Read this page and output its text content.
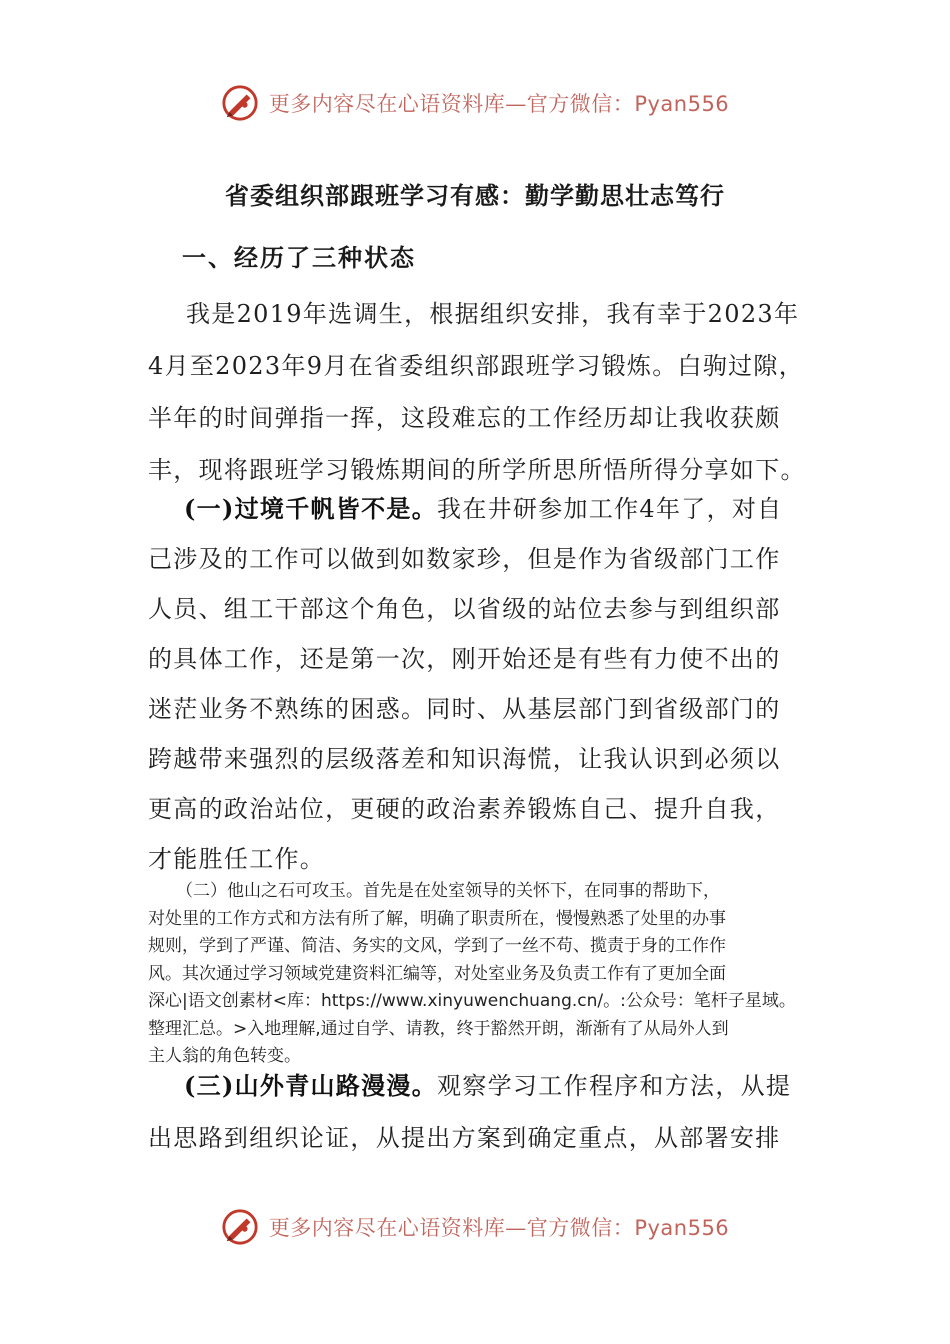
更多内容尽在心语资料库—官方微信：Pyan556
省委组织部跟班学习有感：勤学勤思壮志笃行
一、经历了三种状态
我是2019年选调生，根据组织安排，我有幸于2023年
4月至2023年9月在省委组织部跟班学习锻炼。白驹过隙，
半年的时间弹指一挥，这段难忘的工作经历却让我收获颇
丰，现将跟班学习锻炼期间的所学所思所悟所得分享如下。
(一)过境千帆皆不是。我在井研参加工作4年了，对自
己涉及的工作可以做到如数家珍，但是作为省级部门工作
人员、组工干部这个角色，以省级的站位去参与到组织部
的具体工作，还是第一次，刚开始还是有些有力使不出的
迷茫业务不熟练的困惑。同时、从基层部门到省级部门的
跨越带来强烈的层级落差和知识海慌，让我认识到必须以
更高的政治站位，更硬的政治素养锻炼自己、提升自我，
才能胜任工作。
（二）他山之石可攻玉。首先是在处室领导的关怀下，在同事的帮助下，
对处里的工作方式和方法有所了解，明确了职责所在，慢慢熟悉了处里的办事
规则，学到了严谨、简洁、务实的文风，学到了一丝不苟、揽责于身的工作作
风。其次通过学习领域党建资料汇编等，对处室业务及负责工作有了更加全面
深心|语文创素材<库：https://www.xinyuwenchuang.cn/。:公众号：笔杆子星域。
整理汇总。>入地理解,通过自学、请教，终于豁然开朗，渐渐有了从局外人到
主人翁的角色转变。
(三)山外青山路漫漫。观察学习工作程序和方法，从提
出思路到组织论证，从提出方案到确定重点，从部署安排
更多内容尽在心语资料库—官方微信：Pyan556
